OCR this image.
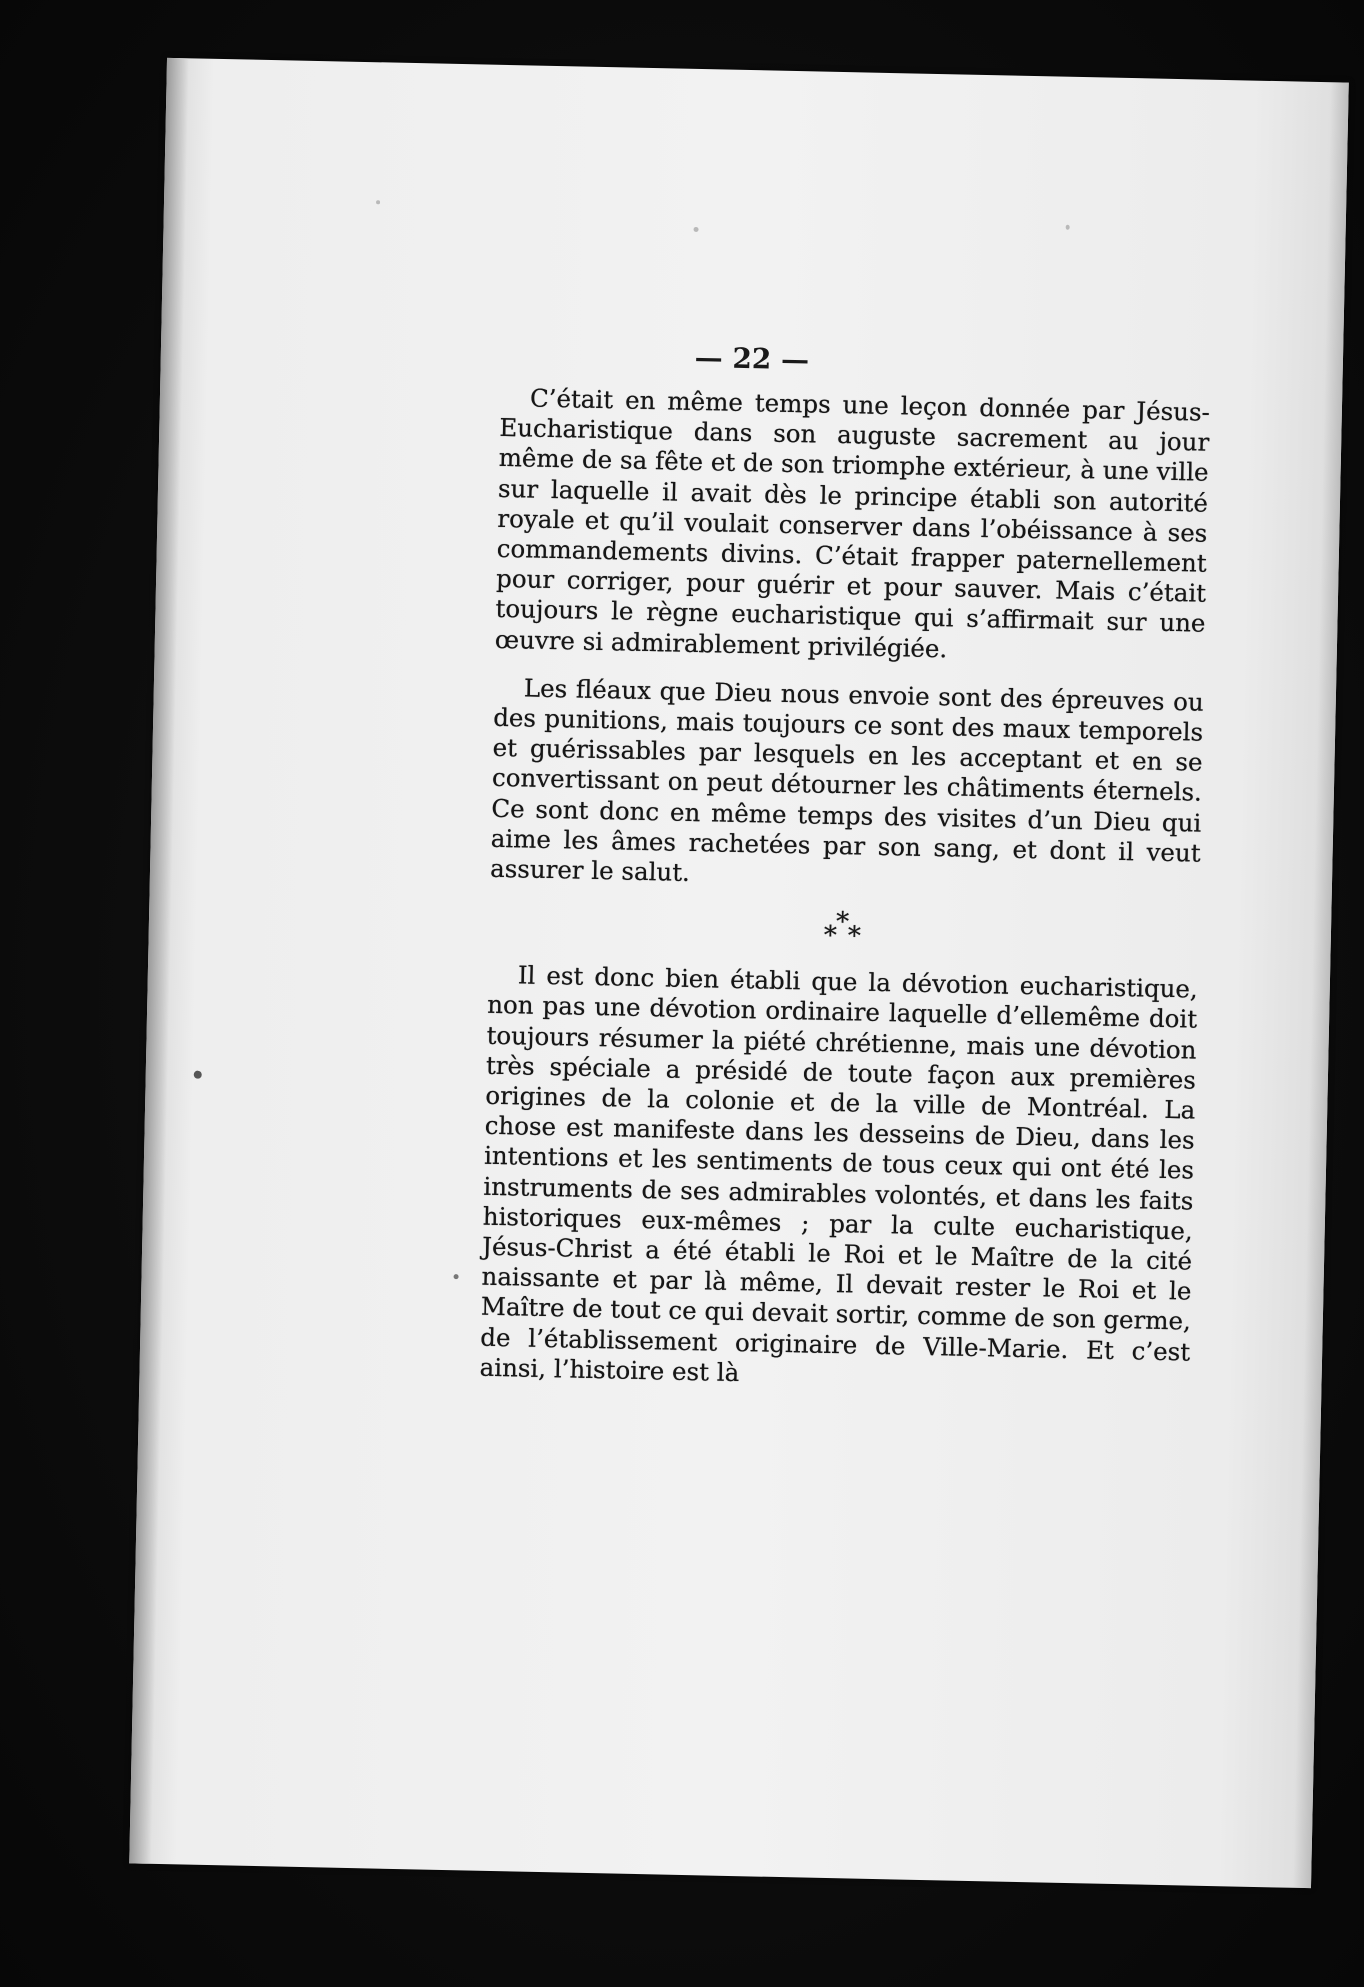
— 22 —

C’était en même temps une leçon donnée par Jésus-Eucharistique dans son auguste sacrement au jour même de sa fête et de son triomphe extérieur, à une ville sur laquelle il avait dès le principe établi son autorité royale et qu’il voulait conserver dans l’obéissance à ses commandements divins. C’était frapper paternellement pour corriger, pour guérir et pour sauver. Mais c’était toujours le règne eucharistique qui s’affirmait sur une œuvre si admirablement privilégiée.

Les fléaux que Dieu nous envoie sont des épreuves ou des punitions, mais toujours ce sont des maux temporels et guérissables par lesquels en les acceptant et en se convertissant on peut détourner les châtiments éternels. Ce sont donc en même temps des visites d’un Dieu qui aime les âmes rachetées par son sang, et dont il veut assurer le salut.

*
* *

Il est donc bien établi que la dévotion eucharistique, non pas une dévotion ordinaire laquelle d’ellemême doit toujours résumer la piété chrétienne, mais une dévotion très spéciale a présidé de toute façon aux premières origines de la colonie et de la ville de Montréal. La chose est manifeste dans les desseins de Dieu, dans les intentions et les sentiments de tous ceux qui ont été les instruments de ses admirables volontés, et dans les faits historiques eux-mêmes ; par la culte eucharistique, Jésus-Christ a été établi le Roi et le Maître de la cité naissante et par là même, Il devait rester le Roi et le Maître de tout ce qui devait sortir, comme de son germe, de l’établissement originaire de Ville-Marie. Et c’est ainsi, l’histoire est là
